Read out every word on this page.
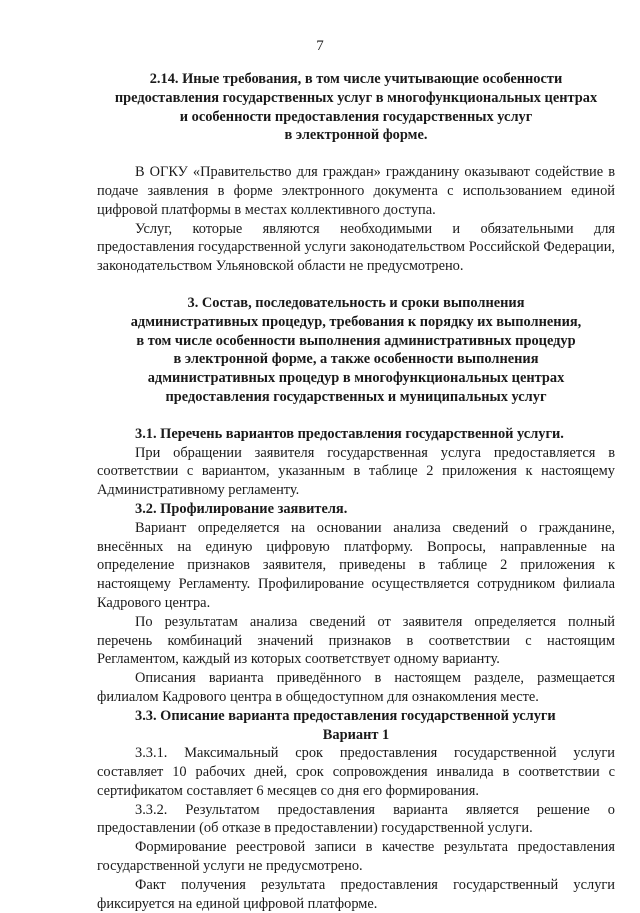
7
2.14. Иные требования, в том числе учитывающие особенности
предоставления государственных услуг в многофункциональных центрах
и особенности предоставления государственных услуг
в электронной форме.

В ОГКУ «Правительство для граждан» гражданину оказывают содействие в подаче заявления в форме электронного документа с использованием единой цифровой платформы в местах коллективного доступа.

Услуг, которые являются необходимыми и обязательными для предоставления государственной услуги законодательством Российской Федерации, законодательством Ульяновской области не предусмотрено.

3. Состав, последовательность и сроки выполнения
административных процедур, требования к порядку их выполнения,
в том числе особенности выполнения административных процедур
в электронной форме, а также особенности выполнения
административных процедур в многофункциональных центрах
предоставления государственных и муниципальных услуг

3.1. Перечень вариантов предоставления государственной услуги.

При обращении заявителя государственная услуга предоставляется в соответствии с вариантом, указанным в таблице 2 приложения к настоящему Административному регламенту.

3.2. Профилирование заявителя.

Вариант определяется на основании анализа сведений о гражданине, внесённых на единую цифровую платформу. Вопросы, направленные на определение признаков заявителя, приведены в таблице 2 приложения к настоящему Регламенту. Профилирование осуществляется сотрудником филиала Кадрового центра.

По результатам анализа сведений от заявителя определяется полный перечень комбинаций значений признаков в соответствии с настоящим Регламентом, каждый из которых соответствует одному варианту.

Описания варианта приведённого в настоящем разделе, размещается филиалом Кадрового центра в общедоступном для ознакомления месте.

3.3. Описание варианта предоставления государственной услуги

Вариант 1

3.3.1. Максимальный срок предоставления государственной услуги составляет 10 рабочих дней, срок сопровождения инвалида в соответствии с сертификатом составляет 6 месяцев со дня его формирования.

3.3.2. Результатом предоставления варианта является решение о предоставлении (об отказе в предоставлении) государственной услуги.

Формирование реестровой записи в качестве результата предоставления государственной услуги не предусмотрено.

Факт получения результата предоставления государственный услуги фиксируется на единой цифровой платформе.
